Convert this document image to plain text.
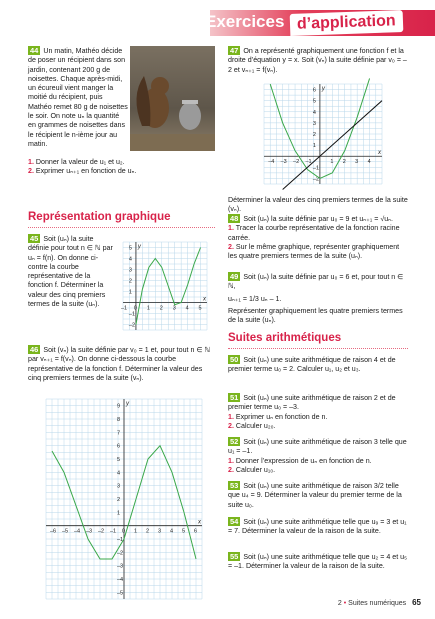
Exercices d’application
44 Un matin, Mathéo décide de poser un récipient dans son jardin, contenant 200 g de noisettes. Chaque après-midi, un écureuil vient manger la moitié du récipient, puis Mathéo remet 80 g de noisettes le soir. On note uₙ la quantité en grammes de noisettes dans le récipient le n-ième jour au matin.

1. Donner la valeur de u₁ et u₂.

2. Exprimer uₙ₊₁ en fonction de uₙ.

Représentation graphique
45 Soit (uₙ) la suite définie pour tout n ∈ ℕ par uₙ = f(n). On donne ci-contre la courbe représentative de la fonction f. Déterminer la valeur des cinq premiers termes de la suite (uₙ).
–1 0 1 2 3 4 5
–2
–1
1
2
3
4
5
x
y
46 Soit (vₙ) la suite définie par v₀ = 1 et, pour tout n ∈ ℕ par vₙ₊₁ = f(vₙ). On donne ci-dessous la courbe représentative de la fonction f. Déterminer la valeur des cinq premiers termes de la suite (vₙ).
–6 –5 –4 –3 –2 –1 0 1 2 3 4 5 6
–5
–4
–3
–2
–1
1
2
3
4
5
6
7
8
9
x
y
47 On a représenté graphiquement une fonction f et la droite d’équation y = x. Soit (vₙ) la suite définie par v₀ = –2 et vₙ₊₁ = f(vₙ).
–4 –3 –2 –1	1 2 3 4
–2
–1
1
2
3
4
5
6
x
y
Déterminer la valeur des cinq premiers termes de la suite (vₙ).
48 Soit (uₙ) la suite définie par u₀ = 9 et uₙ₊₁ = √uₙ.

1. Tracer la courbe représentative de la fonction racine carrée.

2. Sur le même graphique, représenter graphiquement les quatre premiers termes de la suite (uₙ).

49 Soit (uₙ) la suite définie par u₀ = 6 et, pour tout n ∈ ℕ,

uₙ₊₁ = 1/3 uₙ – 1.

Représenter graphiquement les quatre premiers termes de la suite (uₙ).

Suites arithmétiques
50 Soit (uₙ) une suite arithmétique de raison 4 et de premier terme u₀ = 2. Calculer u₁, u₂ et u₃.
51 Soit (uₙ) une suite arithmétique de raison 2 et de premier terme u₀ = –3.

1. Exprimer uₙ en fonction de n.

2. Calculer u₂₀.

52 Soit (uₙ) une suite arithmétique de raison 3 telle que u₁ = –1.

1. Donner l’expression de uₙ en fonction de n.

2. Calculer u₁₀.

53 Soit (uₙ) une suite arithmétique de raison 3/2 telle que u₄ = 9. Déterminer la valeur du premier terme de la suite u₀.
54 Soit (uₙ) une suite arithmétique telle que u₉ = 3 et u₁ = 7. Déterminer la valeur de la raison de la suite.
55 Soit (uₙ) une suite arithmétique telle que u₂ = 4 et u₅ = –1. Déterminer la valeur de la raison de la suite.
2 • Suites numériques 65
